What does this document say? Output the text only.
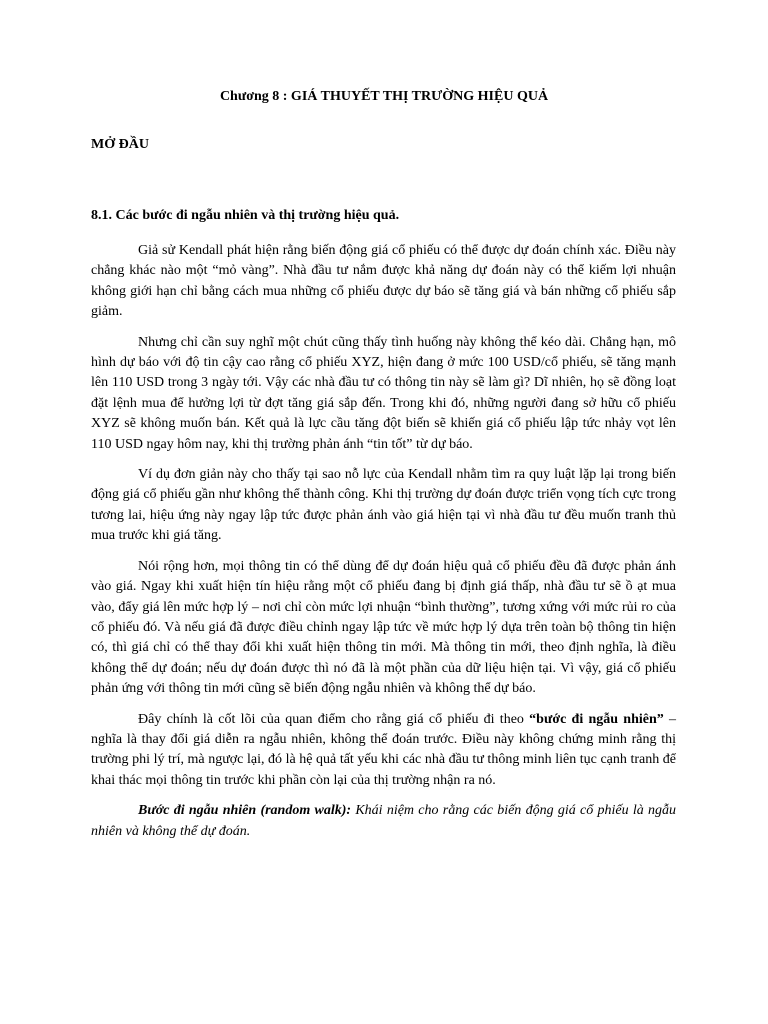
Chương 8 : GIÁ THUYẾT THỊ TRƯỜNG HIỆU QUẢ
MỞ ĐẦU
8.1. Các bước đi ngẫu nhiên và thị trường hiệu quả.

Giả sử Kendall phát hiện rằng biến động giá cổ phiếu có thể được dự đoán chính xác. Điều này chẳng khác nào một “mỏ vàng”. Nhà đầu tư nắm được khả năng dự đoán này có thể kiếm lợi nhuận không giới hạn chỉ bằng cách mua những cổ phiếu được dự báo sẽ tăng giá và bán những cổ phiếu sắp giảm.

Nhưng chỉ cần suy nghĩ một chút cũng thấy tình huống này không thể kéo dài. Chẳng hạn, mô hình dự báo với độ tin cậy cao rằng cổ phiếu XYZ, hiện đang ở mức 100 USD/cổ phiếu, sẽ tăng mạnh lên 110 USD trong 3 ngày tới. Vậy các nhà đầu tư có thông tin này sẽ làm gì? Dĩ nhiên, họ sẽ đồng loạt đặt lệnh mua để hưởng lợi từ đợt tăng giá sắp đến. Trong khi đó, những người đang sở hữu cổ phiếu XYZ sẽ không muốn bán. Kết quả là lực cầu tăng đột biến sẽ khiến giá cổ phiếu lập tức nhảy vọt lên 110 USD ngay hôm nay, khi thị trường phản ánh “tin tốt” từ dự báo.

Ví dụ đơn giản này cho thấy tại sao nỗ lực của Kendall nhằm tìm ra quy luật lặp lại trong biến động giá cổ phiếu gần như không thể thành công. Khi thị trường dự đoán được triển vọng tích cực trong tương lai, hiệu ứng này ngay lập tức được phản ánh vào giá hiện tại vì nhà đầu tư đều muốn tranh thủ mua trước khi giá tăng.

Nói rộng hơn, mọi thông tin có thể dùng để dự đoán hiệu quả cổ phiếu đều đã được phản ánh vào giá. Ngay khi xuất hiện tín hiệu rằng một cổ phiếu đang bị định giá thấp, nhà đầu tư sẽ ồ ạt mua vào, đẩy giá lên mức hợp lý – nơi chỉ còn mức lợi nhuận “bình thường”, tương xứng với mức rủi ro của cổ phiếu đó. Và nếu giá đã được điều chỉnh ngay lập tức về mức hợp lý dựa trên toàn bộ thông tin hiện có, thì giá chỉ có thể thay đổi khi xuất hiện thông tin mới. Mà thông tin mới, theo định nghĩa, là điều không thể dự đoán; nếu dự đoán được thì nó đã là một phần của dữ liệu hiện tại. Vì vậy, giá cổ phiếu phản ứng với thông tin mới cũng sẽ biến động ngẫu nhiên và không thể dự báo.

Đây chính là cốt lõi của quan điểm cho rằng giá cổ phiếu đi theo “bước đi ngẫu nhiên” – nghĩa là thay đổi giá diễn ra ngẫu nhiên, không thể đoán trước. Điều này không chứng minh rằng thị trường phi lý trí, mà ngược lại, đó là hệ quả tất yếu khi các nhà đầu tư thông minh liên tục cạnh tranh để khai thác mọi thông tin trước khi phần còn lại của thị trường nhận ra nó.

Bước đi ngẫu nhiên (random walk): Khái niệm cho rằng các biến động giá cổ phiếu là ngẫu nhiên và không thể dự đoán.
